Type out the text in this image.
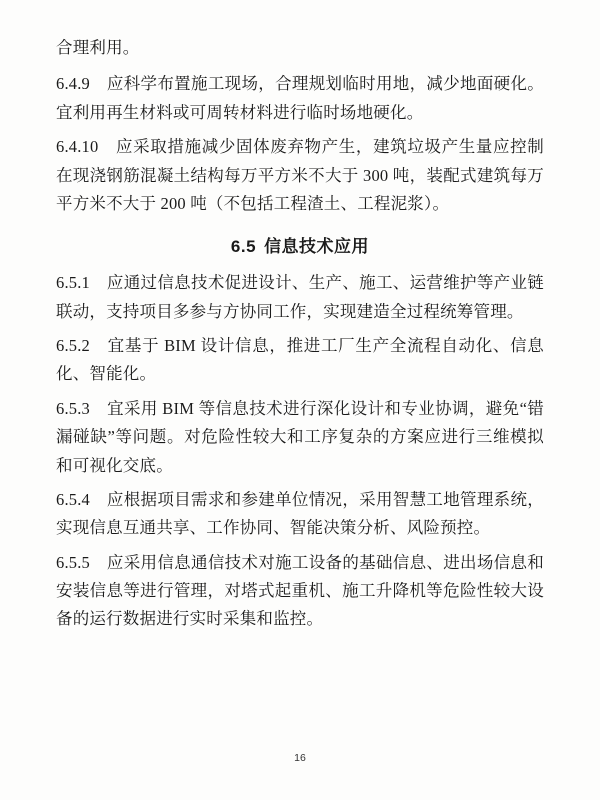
合理利用。

6.4.9　应科学布置施工现场，合理规划临时用地，减少地面硬化。宜利用再生材料或可周转材料进行临时场地硬化。

6.4.10　应采取措施减少固体废弃物产生，建筑垃圾产生量应控制在现浇钢筋混凝土结构每万平方米不大于 300 吨，装配式建筑每万平方米不大于 200 吨（不包括工程渣土、工程泥浆）。

6.5 信息技术应用

6.5.1　应通过信息技术促进设计、生产、施工、运营维护等产业链联动，支持项目多参与方协同工作，实现建造全过程统筹管理。

6.5.2　宜基于 BIM 设计信息，推进工厂生产全流程自动化、信息化、智能化。

6.5.3　宜采用 BIM 等信息技术进行深化设计和专业协调，避免“错漏碰缺”等问题。对危险性较大和工序复杂的方案应进行三维模拟和可视化交底。

6.5.4　应根据项目需求和参建单位情况，采用智慧工地管理系统，实现信息互通共享、工作协同、智能决策分析、风险预控。

6.5.5　应采用信息通信技术对施工设备的基础信息、进出场信息和安装信息等进行管理，对塔式起重机、施工升降机等危险性较大设备的运行数据进行实时采集和监控。

16
